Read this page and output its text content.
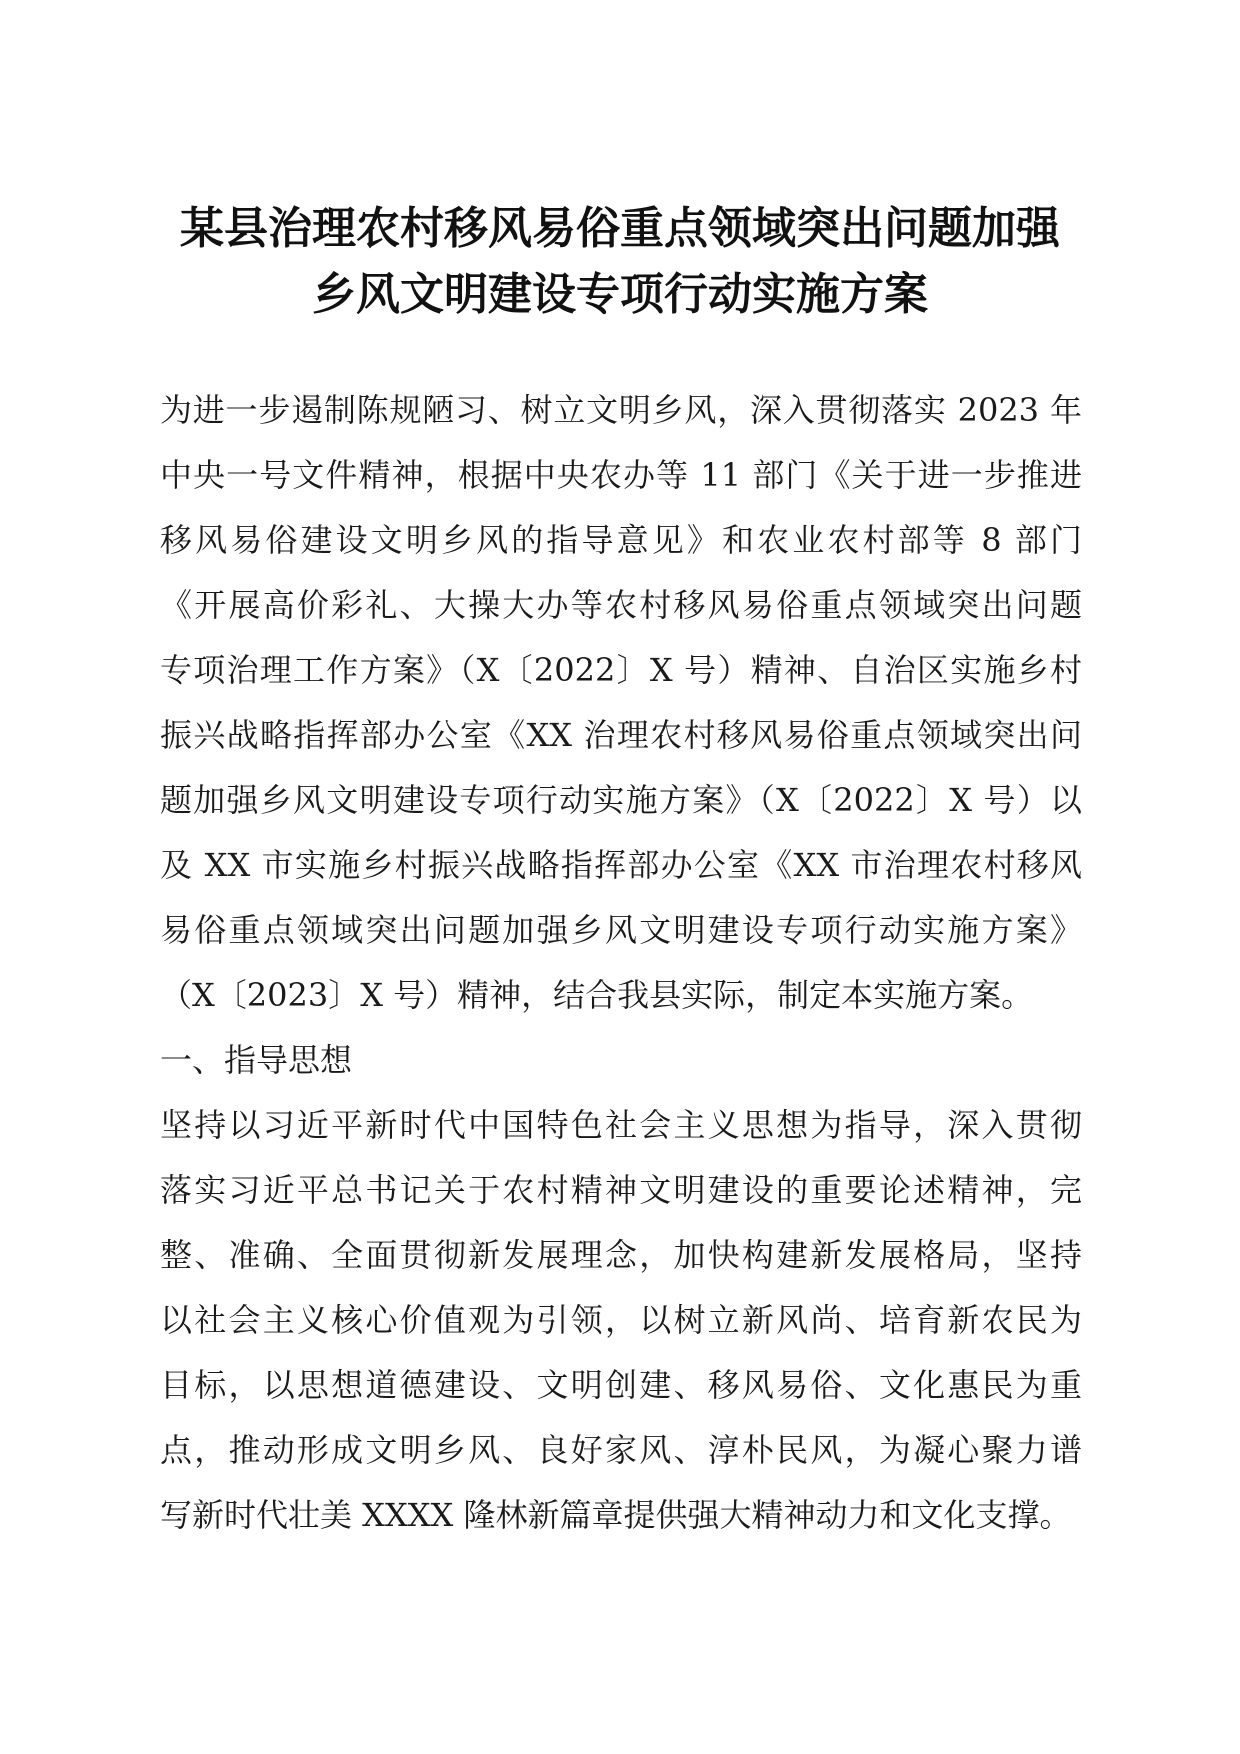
某县治理农村移风易俗重点领域突出问题加强
乡风文明建设专项行动实施方案
为进一步遏制陈规陋习、树立文明乡风，深入贯彻落实 2023 年
中央一号文件精神，根据中央农办等 11 部门《关于进一步推进
移风易俗建设文明乡风的指导意见》和农业农村部等 8 部门
《开展高价彩礼、大操大办等农村移风易俗重点领域突出问题
专项治理工作方案》（X〔2022〕X 号）精神、自治区实施乡村
振兴战略指挥部办公室《XX 治理农村移风易俗重点领域突出问
题加强乡风文明建设专项行动实施方案》（X〔2022〕X 号）以
及 XX 市实施乡村振兴战略指挥部办公室《XX 市治理农村移风
易俗重点领域突出问题加强乡风文明建设专项行动实施方案》
（X〔2023〕X 号）精神，结合我县实际，制定本实施方案。
一、指导思想
坚持以习近平新时代中国特色社会主义思想为指导，深入贯彻
落实习近平总书记关于农村精神文明建设的重要论述精神，完
整、准确、全面贯彻新发展理念，加快构建新发展格局，坚持
以社会主义核心价值观为引领，以树立新风尚、培育新农民为
目标，以思想道德建设、文明创建、移风易俗、文化惠民为重
点，推动形成文明乡风、良好家风、淳朴民风，为凝心聚力谱
写新时代壮美 XXXX 隆林新篇章提供强大精神动力和文化支撑。
